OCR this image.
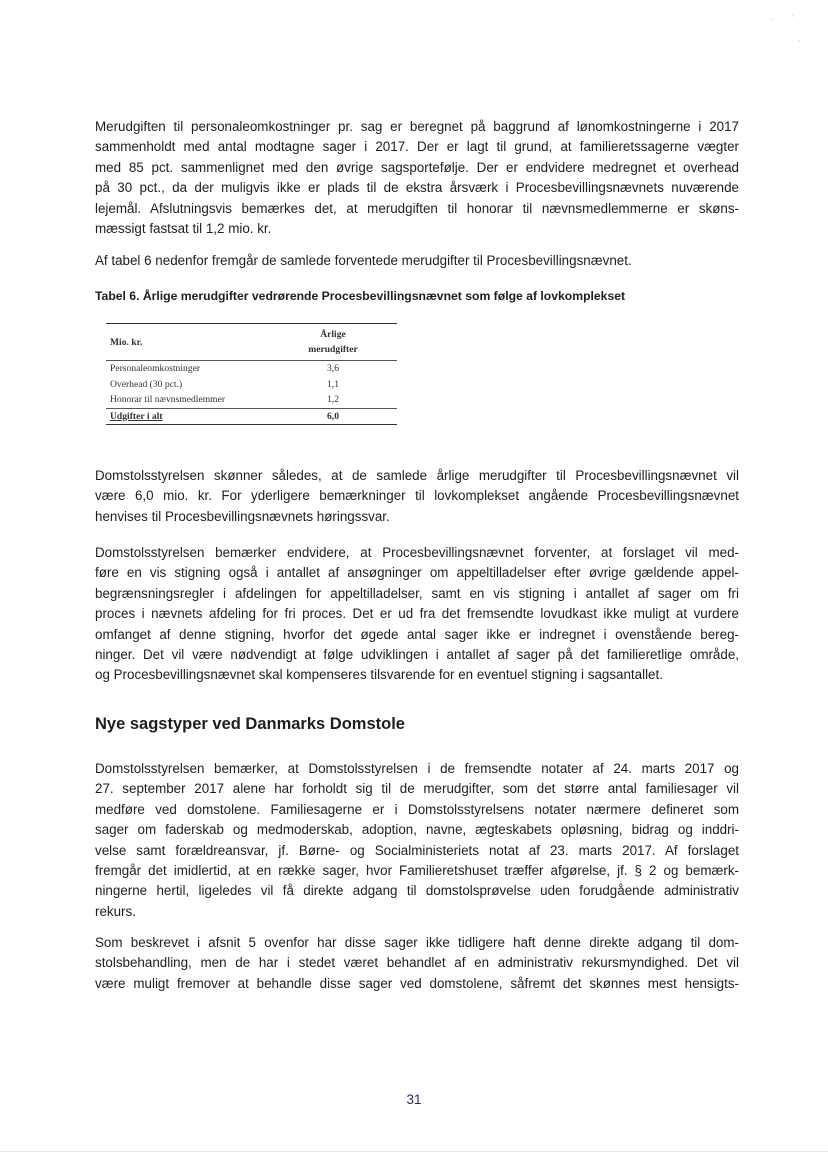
· ʼ
ˏ

Merudgiften til personaleomkostninger pr. sag er beregnet på baggrund af lønomkostningerne i 2017
sammenholdt med antal modtagne sager i 2017. Der er lagt til grund, at familieretssagerne vægter
med 85 pct. sammenlignet med den øvrige sagsportefølje. Der er endvidere medregnet et overhead
på 30 pct., da der muligvis ikke er plads til de ekstra årsværk i Procesbevillingsnævnets nuværende
lejemål. Afslutningsvis bemærkes det, at merudgiften til honorar til nævnsmedlemmerne er skøns-
mæssigt fastsat til 1,2 mio. kr.

Af tabel 6 nedenfor fremgår de samlede forventede merudgifter til Procesbevillingsnævnet.

Tabel 6. Årlige merudgifter vedrørende Procesbevillingsnævnet som følge af lovkomplekset

Mio. kr.	Årlige
merudgifter
Personaleomkostninger	3,6
Overhead (30 pct.)	1,1
Honorar til nævnsmedlemmer	1,2
Udgifter i alt	6,0

Domstolsstyrelsen skønner således, at de samlede årlige merudgifter til Procesbevillingsnævnet vil
være 6,0 mio. kr. For yderligere bemærkninger til lovkomplekset angående Procesbevillingsnævnet
henvises til Procesbevillingsnævnets høringssvar.

Domstolsstyrelsen bemærker endvidere, at Procesbevillingsnævnet forventer, at forslaget vil med-
føre en vis stigning også i antallet af ansøgninger om appeltilladelser efter øvrige gældende appel-
begrænsningsregler i afdelingen for appeltilladelser, samt en vis stigning i antallet af sager om fri
proces i nævnets afdeling for fri proces. Det er ud fra det fremsendte lovudkast ikke muligt at vurdere
omfanget af denne stigning, hvorfor det øgede antal sager ikke er indregnet i ovenstående bereg-
ninger. Det vil være nødvendigt at følge udviklingen i antallet af sager på det familieretlige område,
og Procesbevillingsnævnet skal kompenseres tilsvarende for en eventuel stigning i sagsantallet.

Nye sagstyper ved Danmarks Domstole

Domstolsstyrelsen bemærker, at Domstolsstyrelsen i de fremsendte notater af 24. marts 2017 og
27. september 2017 alene har forholdt sig til de merudgifter, som det større antal familiesager vil
medføre ved domstolene. Familiesagerne er i Domstolsstyrelsens notater nærmere defineret som
sager om faderskab og medmoderskab, adoption, navne, ægteskabets opløsning, bidrag og inddri-
velse samt forældreansvar, jf. Børne- og Socialministeriets notat af 23. marts 2017. Af forslaget
fremgår det imidlertid, at en række sager, hvor Familieretshuset træffer afgørelse, jf. § 2 og bemærk-
ningerne hertil, ligeledes vil få direkte adgang til domstolsprøvelse uden forudgående administrativ
rekurs.

Som beskrevet i afsnit 5 ovenfor har disse sager ikke tidligere haft denne direkte adgang til dom-
stolsbehandling, men de har i stedet været behandlet af en administrativ rekursmyndighed. Det vil
være muligt fremover at behandle disse sager ved domstolene, såfremt det skønnes mest hensigts-

31
